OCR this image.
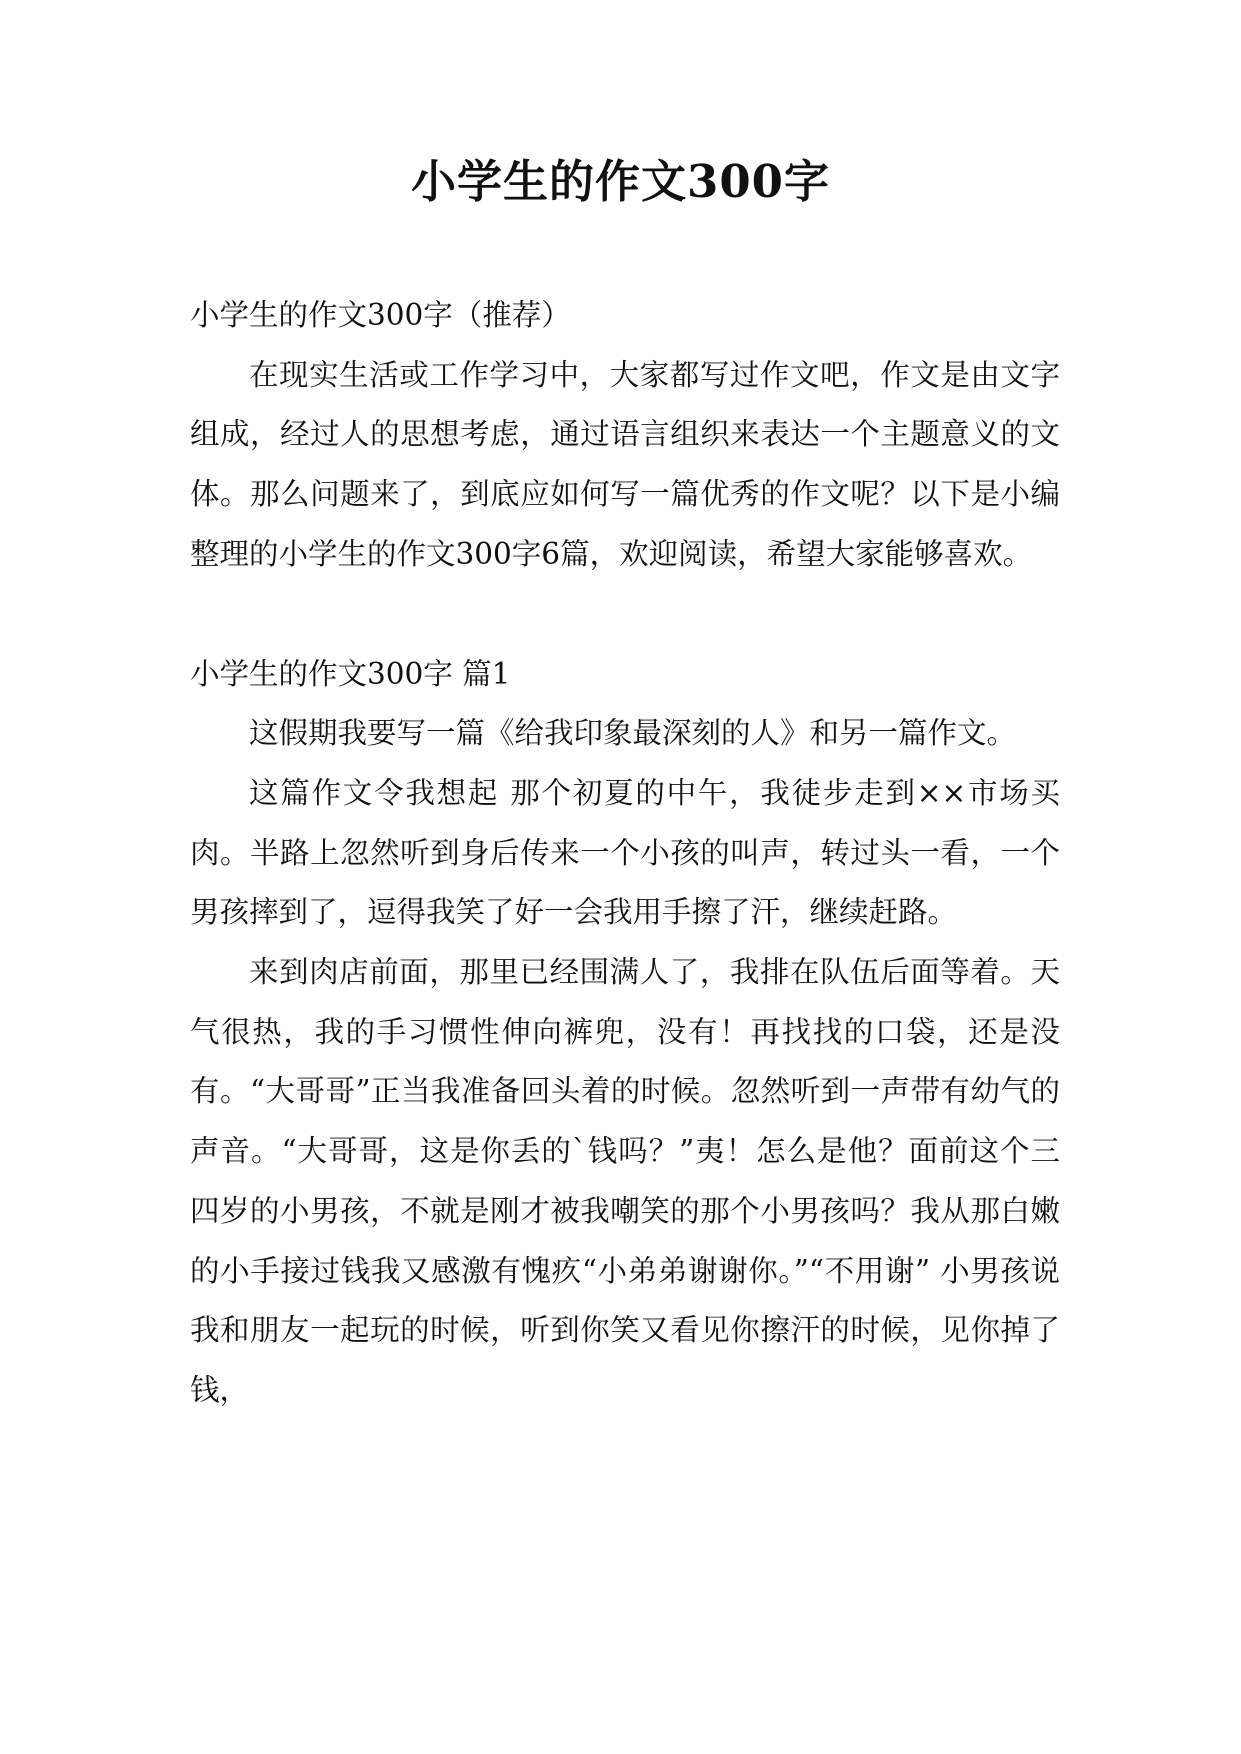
小学生的作文300字

小学生的作文300字（推荐）

在现实生活或工作学习中，大家都写过作文吧，作文是由文字组成，经过人的思想考虑，通过语言组织来表达一个主题意义的文体。那么问题来了，到底应如何写一篇优秀的作文呢？以下是小编整理的小学生的作文300字6篇，欢迎阅读，希望大家能够喜欢。

小学生的作文300字 篇1

这假期我要写一篇《给我印象最深刻的人》和另一篇作文。

这篇作文令我想起 那个初夏的中午，我徒步走到××市场买肉。半路上忽然听到身后传来一个小孩的叫声，转过头一看，一个男孩摔到了，逗得我笑了好一会我用手擦了汗，继续赶路。

来到肉店前面，那里已经围满人了，我排在队伍后面等着。天气很热，我的手习惯性伸向裤兜，没有！再找找的口袋，还是没有。“大哥哥”正当我准备回头着的时候。忽然听到一声带有幼气的声音。“大哥哥，这是你丢的`钱吗？”夷！怎么是他？面前这个三四岁的小男孩，不就是刚才被我嘲笑的那个小男孩吗？我从那白嫩的小手接过钱我又感激有愧疚“小弟弟谢谢你。”“不用谢” 小男孩说我和朋友一起玩的时候，听到你笑又看见你擦汗的时候，见你掉了钱，
